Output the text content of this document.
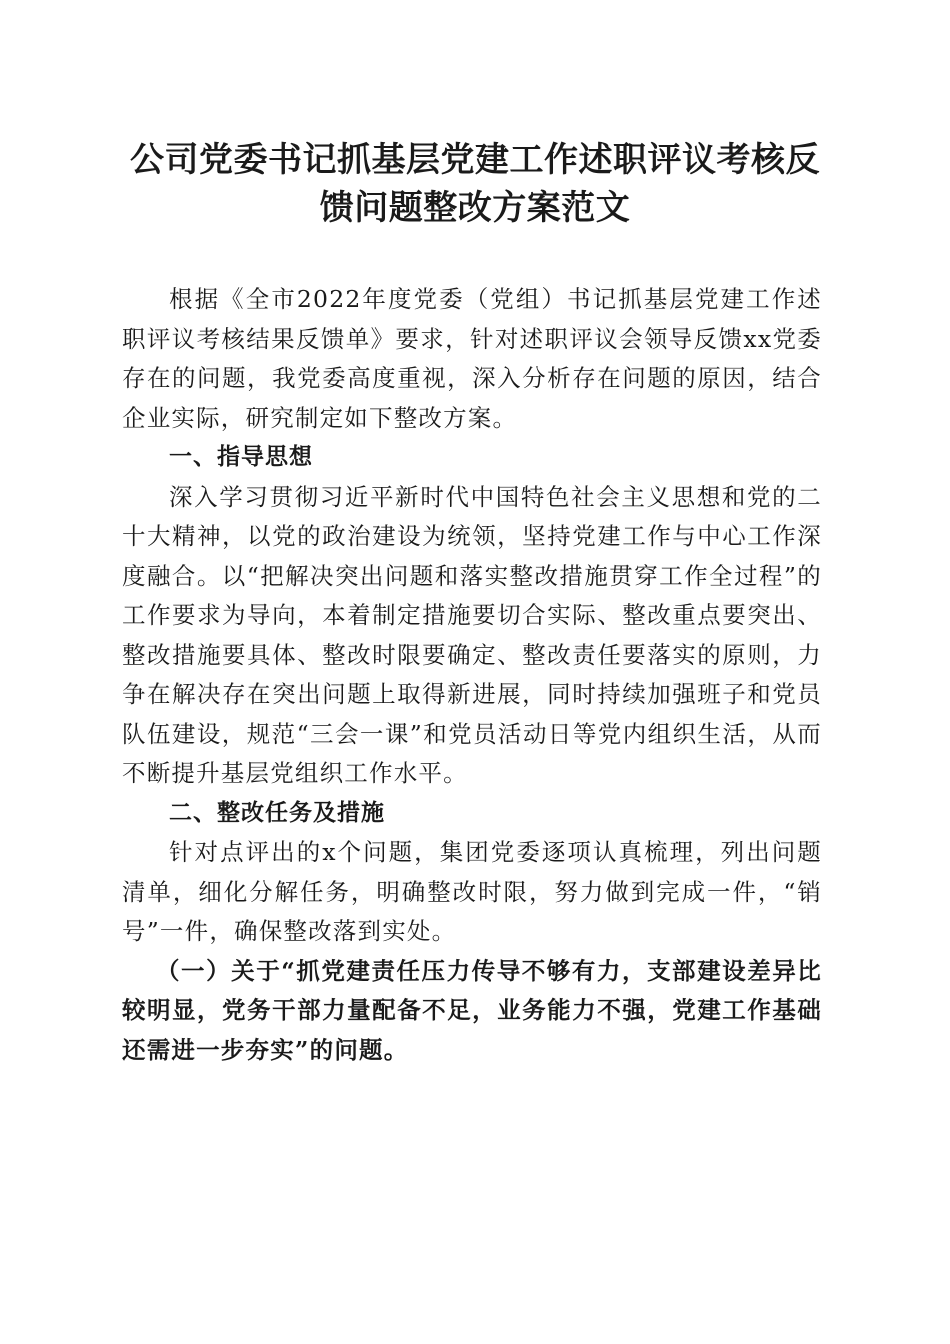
公司党委书记抓基层党建工作述职评议考核反
馈问题整改方案范文

根据《全市2022年度党委（党组）书记抓基层党建工作述职评议考核结果反馈单》要求，针对述职评议会领导反馈xx党委存在的问题，我党委高度重视，深入分析存在问题的原因，结合企业实际，研究制定如下整改方案。

一、指导思想

深入学习贯彻习近平新时代中国特色社会主义思想和党的二十大精神，以党的政治建设为统领，坚持党建工作与中心工作深度融合。以“把解决突出问题和落实整改措施贯穿工作全过程”的工作要求为导向，本着制定措施要切合实际、整改重点要突出、整改措施要具体、整改时限要确定、整改责任要落实的原则，力争在解决存在突出问题上取得新进展，同时持续加强班子和党员队伍建设，规范“三会一课”和党员活动日等党内组织生活，从而不断提升基层党组织工作水平。

二、整改任务及措施

针对点评出的x个问题，集团党委逐项认真梳理，列出问题清单，细化分解任务，明确整改时限，努力做到完成一件，“销号”一件，确保整改落到实处。

（一）关于“抓党建责任压力传导不够有力，支部建设差异比较明显，党务干部力量配备不足，业务能力不强，党建工作基础还需进一步夯实”的问题。
